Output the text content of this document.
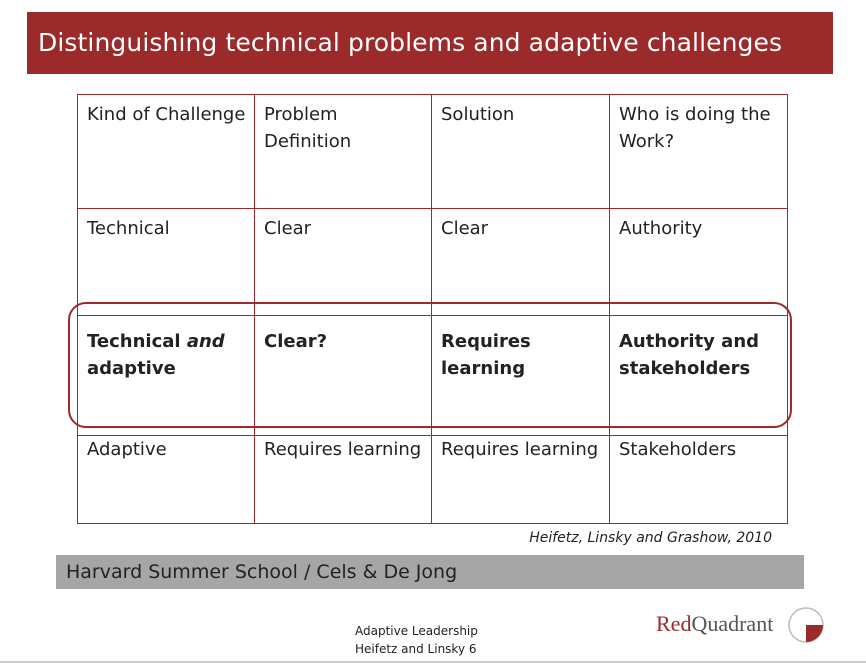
Distinguishing technical problems and adaptive challenges
Kind of Challenge	Problem Definition	Solution	Who is doing the Work?
Technical	Clear	Clear	Authority
Technical and adaptive	Clear?	Requires learning	Authority and stakeholders
Adaptive	Requires learning	Requires learning	Stakeholders
Heifetz, Linsky and Grashow, 2010
Harvard Summer School / Cels & De Jong
Adaptive Leadership
Heifetz and Linsky 6
RedQuadrant
